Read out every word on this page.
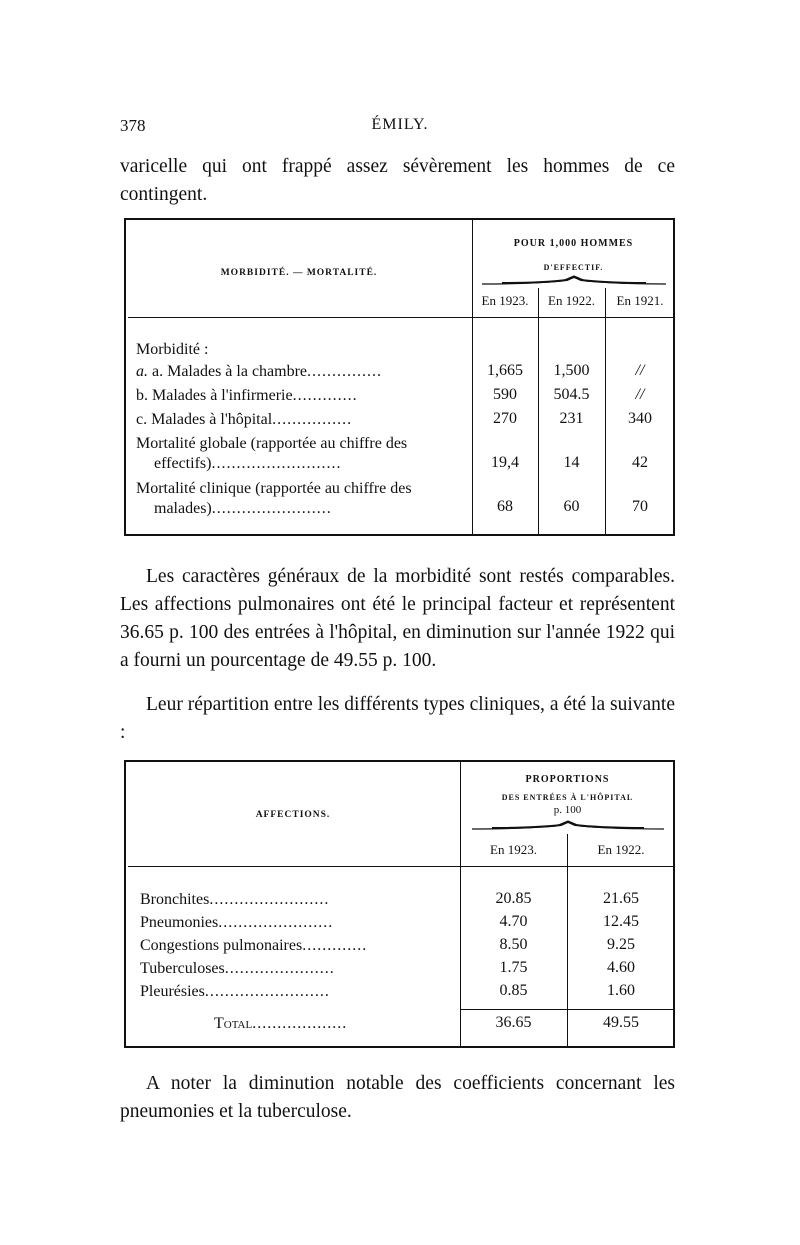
378	ÉMILY.
varicelle qui ont frappé assez sévèrement les hommes de ce contingent.
MORBIDITÉ. — MORTALITÉ.
POUR 1,000 HOMMES
D'EFFECTIF.
En 1923.	En 1922.	En 1921.
Morbidité :
a. a. Malades à la chambre...............	1,665	1,500	//
b. Malades à l'infirmerie.............	590	504.5	//
c. Malades à l'hôpital................	270	231	340
Mortalité globale (rapportée au chiffre des
effectifs)..........................	19,4	14	42
Mortalité clinique (rapportée au chiffre des
malades)........................	68	60	70
Les caractères généraux de la morbidité sont restés comparables. Les affections pulmonaires ont été le principal facteur et représentent 36.65 p. 100 des entrées à l'hôpital, en diminution sur l'année 1922 qui a fourni un pourcentage de 49.55 p. 100.
Leur répartition entre les différents types cliniques, a été la suivante :
AFFECTIONS.
PROPORTIONS
DES ENTRÉES À L'HÔPITAL
p. 100
En 1923.	En 1922.
Bronchites........................	20.85	21.65
Pneumonies.......................	4.70	12.45
Congestions pulmonaires.............	8.50	9.25
Tuberculoses......................	1.75	4.60
Pleurésies.........................	0.85	1.60
Total...................	36.65	49.55
A noter la diminution notable des coefficients concernant les pneumonies et la tuberculose.
